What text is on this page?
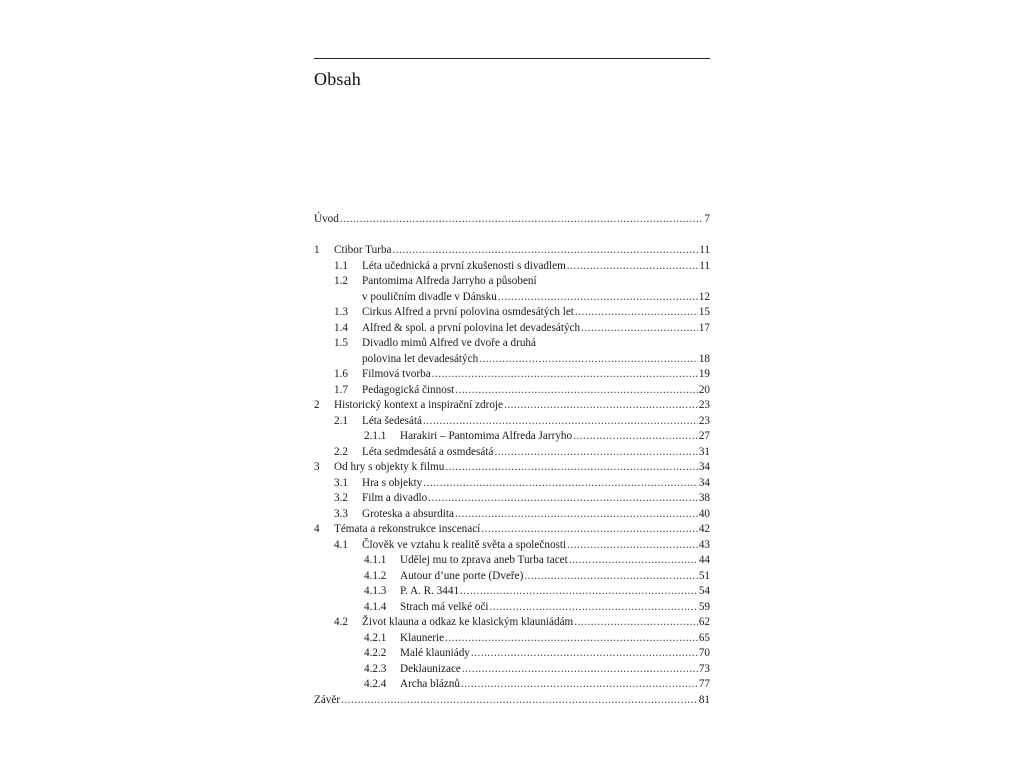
Obsah
Úvod .....	7
1 Ctibor Turba .....	11
1.1 Léta učednická a první zkušenosti s divadlem .....	11
1.2 Pantomima Alfreda Jarryho a působení
v pouličním divadle v Dánsku .....	12
1.3 Cirkus Alfred a první polovina osmdesátých let .....	15
1.4 Alfred & spol. a první polovina let devadesátých .....	17
1.5 Divadlo mimů Alfred ve dvoře a druhá
polovina let devadesátých .....	18
1.6 Filmová tvorba .....	19
1.7 Pedagogická činnost .....	20
2 Historický kontext a inspirační zdroje .....	23
2.1 Léta šedesátá .....	23
2.1.1 Harakiri – Pantomima Alfreda Jarryho .....	27
2.2 Léta sedmdesátá a osmdesátá .....	31
3 Od hry s objekty k filmu .....	34
3.1 Hra s objekty .....	34
3.2 Film a divadlo .....	38
3.3 Groteska a absurdita .....	40
4 Témata a rekonstrukce inscenací .....	42
4.1 Člověk ve vztahu k realitě světa a společnosti .....	43
4.1.1 Udělej mu to zprava aneb Turba tacet .....	44
4.1.2 Autour d’une porte (Dveře) .....	51
4.1.3 P. A. R. 3441 .....	54
4.1.4 Strach má velké oči .....	59
4.2 Život klauna a odkaz ke klasickým klauniádám .....	62
4.2.1 Klaunerie .....	65
4.2.2 Malé klauniády .....	70
4.2.3 Deklaunizace .....	73
4.2.4 Archa bláznů .....	77
Závěr .....	81
